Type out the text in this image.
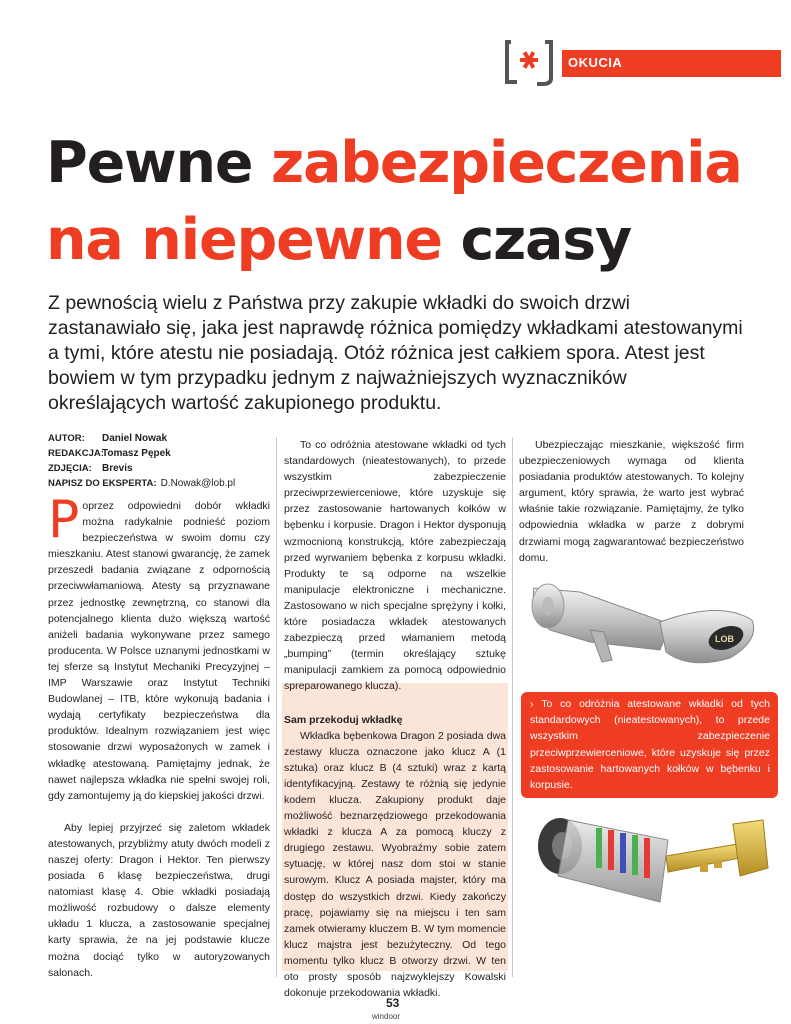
OKUCIA
Pewne zabezpieczenia
na niepewne czasy
Z pewnością wielu z Państwa przy zakupie wkładki do swoich drzwi zastanawiało się, jaka jest naprawdę różnica pomiędzy wkładkami atestowanymi a tymi, które atestu nie posiadają. Otóż różnica jest całkiem spora. Atest jest bowiem w tym przypadku jednym z najważniejszych wyznaczników określających wartość zakupionego produktu.
AUTOR:	Daniel Nowak
REDAKCJA:
Tomasz Pępek
ZDJĘCIA:	Brevis
NAPISZ DO EKSPERTA: D.Nowak@lob.pl

Poprzez odpowiedni dobór wkładki można radykalnie podnieść poziom bezpieczeństwa w swoim domu czy mieszkaniu. Atest stanowi gwarancję, że zamek przeszedł badania związane z odpornością przeciwwłamaniową. Atesty są przyznawane przez jednostkę zewnętrzną, co stanowi dla potencjalnego klienta dużo większą wartość aniżeli badania wykonywane przez samego producenta. W Polsce uznanymi jednostkami w tej sferze są Instytut Mechaniki Precyzyjnej – IMP Warszawie oraz Instytut Techniki Budowlanej – ITB, które wykonują badania i wydają certyfikaty bezpieczeństwa dla produktów. Idealnym rozwiązaniem jest więc stosowanie drzwi wyposażonych w zamek i wkładkę atestowaną. Pamiętajmy jednak, że nawet najlepsza wkładka nie spełni swojej roli, gdy zamontujemy ją do kiepskiej jakości drzwi.

Aby lepiej przyjrzeć się zaletom wkładek atestowanych, przybliżmy atuty dwóch modeli z naszej oferty: Dragon i Hektor. Ten pierwszy posiada 6 klasę bezpieczeństwa, drugi natomiast klasę 4. Obie wkładki posiadają możliwość rozbudowy o dalsze elementy układu 1 klucza, a zastosowanie specjalnej karty sprawia, że na jej podstawie klucze można dociąć tylko w autoryzowanych salonach.

To co odróżnia atestowane wkładki od tych standardowych (nieatestowanych), to przede wszystkim zabezpieczenie przeciwprzewierceniowe, które uzyskuje się przez zastosowanie hartowanych kołków w bębenku i korpusie. Dragon i Hektor dysponują wzmocnioną konstrukcją, które zabezpieczają przed wyrwaniem bębenka z korpusu wkładki. Produkty te są odporne na wszelkie manipulacje elektroniczne i mechaniczne. Zastosowano w nich specjalne sprężyny i kołki, które posiadacza wkładek atestowanych zabezpieczą przed włamaniem metodą „bumping” (termin określający sztukę manipulacji zamkiem za pomocą odpowiednio spreparowanego klucza).

Sam przekoduj wkładkę

Wkładka bębenkowa Dragon 2 posiada dwa zestawy klucza oznaczone jako klucz A (1 sztuka) oraz klucz B (4 sztuki) wraz z kartą identyfikacyjną. Zestawy te różnią się jedynie kodem klucza. Zakupiony produkt daje możliwość beznarzędziowego przekodowania wkładki z klucza A za pomocą kluczy z drugiego zestawu. Wyobraźmy sobie zatem sytuację, w której nasz dom stoi w stanie surowym. Klucz A posiada majster, który ma dostęp do wszystkich drzwi. Kiedy zakończy pracę, pojawiamy się na miejscu i ten sam zamek otwieramy kluczem B. W tym momencie klucz majstra jest bezużyteczny. Od tego momentu tylko klucz B otworzy drzwi. W ten oto prosty sposób najzwyklejszy Kowalski dokonuje przekodowania wkładki.

Ubezpieczając mieszkanie, większość firm ubezpieczeniowych wymaga od klienta posiadania produktów atestowanych. To kolejny argument, który sprawia, że warto jest wybrać właśnie takie rozwiązanie. Pamiętajmy, że tylko odpowiednia wkładka w parze z dobrymi drzwiami mogą zagwarantować bezpieczeństwo domu.

LOB
› To co odróżnia atestowane wkładki od tych standardowych (nieatestowanych), to przede wszystkim zabezpieczenie przeciwprzewierceniowe, które uzyskuje się przez zastosowanie hartowanych kołków w bębenku i korpusie.
53
windoor
